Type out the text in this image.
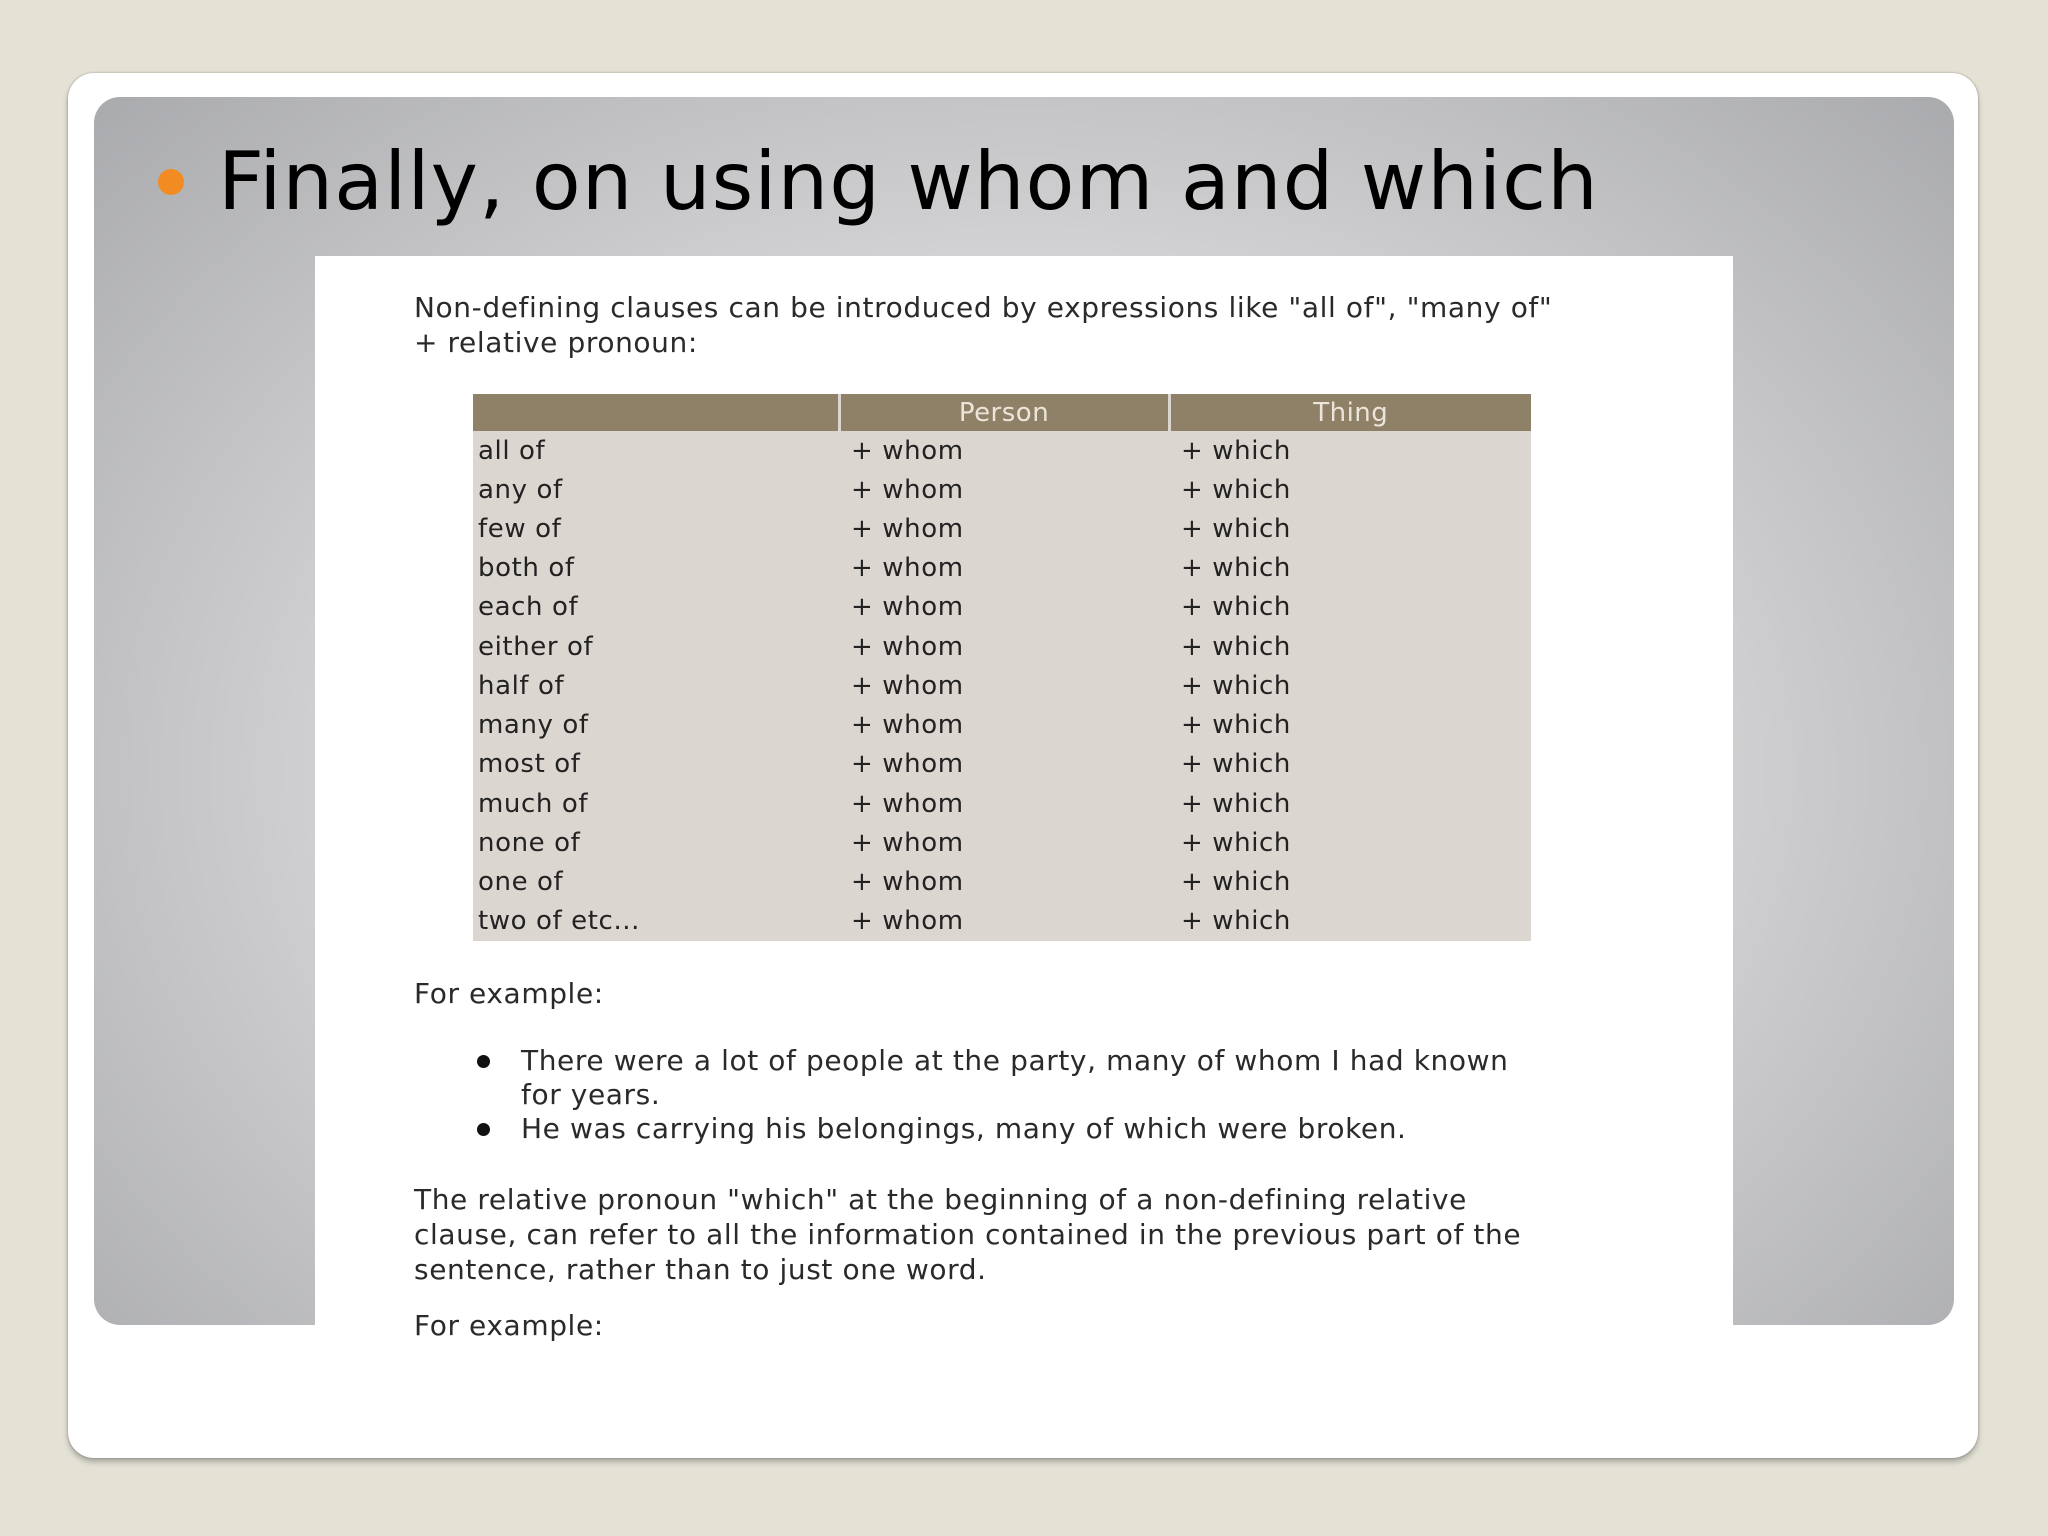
Finally, on using whom and which
Non-defining clauses can be introduced by expressions like "all of", "many of" + relative pronoun:
	Person	Thing
all of	+ whom	+ which
any of	+ whom	+ which
few of	+ whom	+ which
both of	+ whom	+ which
each of	+ whom	+ which
either of	+ whom	+ which
half of	+ whom	+ which
many of	+ whom	+ which
most of	+ whom	+ which
much of	+ whom	+ which
none of	+ whom	+ which
one of	+ whom	+ which
two of etc...	+ whom	+ which
For example:
There were a lot of people at the party, many of whom I had known for years.
He was carrying his belongings, many of which were broken.
The relative pronoun "which" at the beginning of a non-defining relative clause, can refer to all the information contained in the previous part of the sentence, rather than to just one word.
For example:
